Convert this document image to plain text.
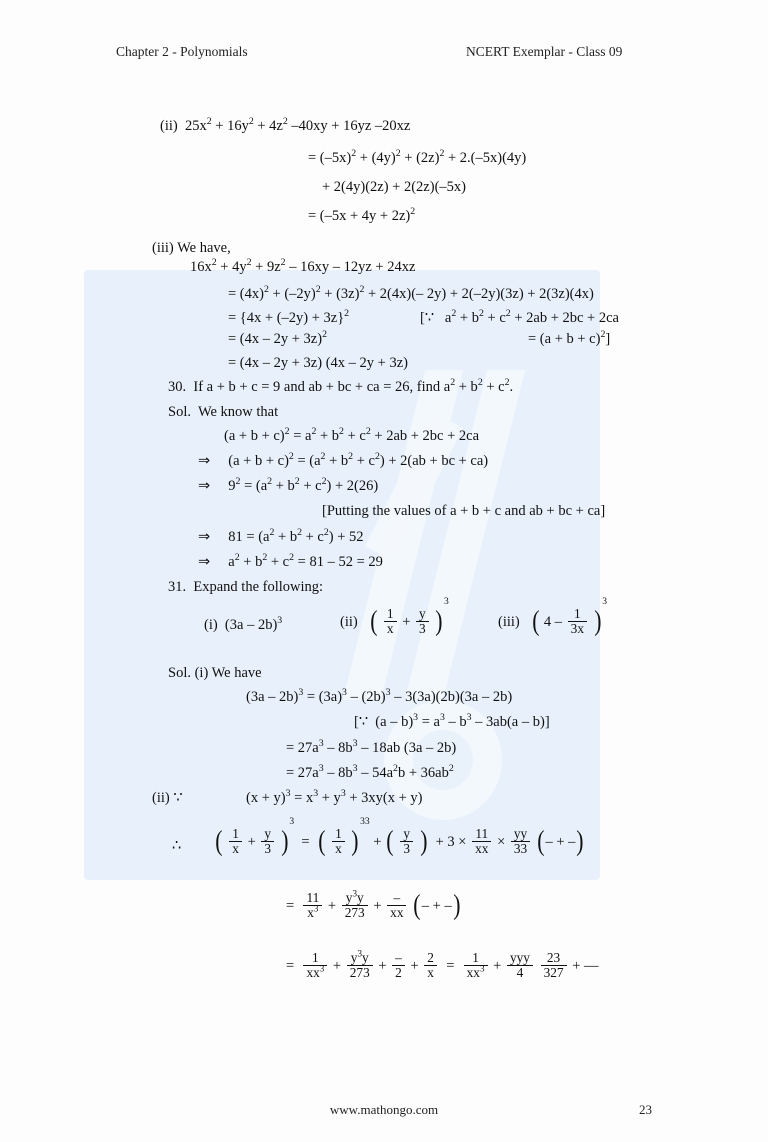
Chapter 2 - Polynomials	NCERT Exemplar - Class 09
(ii)  $25x^2 + 16y^2 + 4z^2$ –40xy + 16yz –20xz
= $(-5x)^2 + (4y)^2 + (2z)^2 + 2.(-5x)(4y)$
+ 2(4y)(2z) + 2(2z)(–5x)
= $(-5x + 4y + 2z)^2$
(iii) We have,
$16x^2 + 4y^2 + 9z^2 - 16xy - 12yz + 24xz$
= $(4x)^2 + (-2y)^2 + (3z)^2 + 2(4x)(-$ 2y) + 2(–2y)(3z) + 2(3z)(4x)
= $\{4x + (-2y) + 3z\}^2$	[∵   $a^2 + b^2 + c^2 + 2ab + 2bc + 2ca$
= $(4x - 2y + 3z)^2$	= $(a + b + c)^2$]
= (4x – 2y + 3z) (4x – 2y + 3z)
30.  If a + b + c = 9 and ab + bc + ca = 26, find $a^2 + b^2 + c^2$.
Sol.  We know that
$(a + b + c)^2 = a^2 + b^2 + c^2 + 2ab + 2bc + 2ca$
⇒     $(a + b + c)^2 = (a^2 + b^2 + c^2) + 2(ab$ + bc + ca)
⇒     $9^2 = (a^2 + b^2 + c^2) + 2(26)$
[Putting the values of a + b + c and ab + bc + ca]
⇒     $81 = (a^2 + b^2 + c^2) + 52$
⇒     $a^2 + b^2 + c^2 = 81 - 52 = 29$
31.  Expand the following:
(i)  (3a – 2b)$^3$	(ii) ( $\frac{1}{x} + \frac{y}{3} )^3$
(iii) ( $4 - \frac{1}{3x} )^3$
Sol. (i) We have
$(3a - 2b)^3 = (3a)^3 - (2b)^3 - 3(3a)(2b)(3a - 2b)$
[∵  $(a - b)^3 = a^3 - b^3 - 3ab(a - b)$]
= $27a^3 - 8b^3 - 18ab$ (3a – 2b)
= $27a^3 - 8b^3 - 54a^2b + 36ab^2$
(ii) ∵	$(x + y)^3 = x^3 + y^3 + 3xy(x + y)$
∴ ( $\frac{1}{x} + \frac{y}{3} )^3$  =  ( $\frac{1}{x} )^{33}$ + ( $\frac{y}{3}$ )  + $3 \times \frac{11}{xx} \times \frac{yy}{33}$ (– + –)
= $\frac{11}{x^3} + \frac{y^3y}{273} + \frac{-}{xx}$ (– + –)
= $\frac{1}{xx^3} + \frac{y^3y}{273} + \frac{-}{2} + \frac{2}{x} = \frac{1}{xx^3} + \frac{\text{yyy}}{4}$
$\frac{23}{327}$ + ––
www.mathongo.com	23
